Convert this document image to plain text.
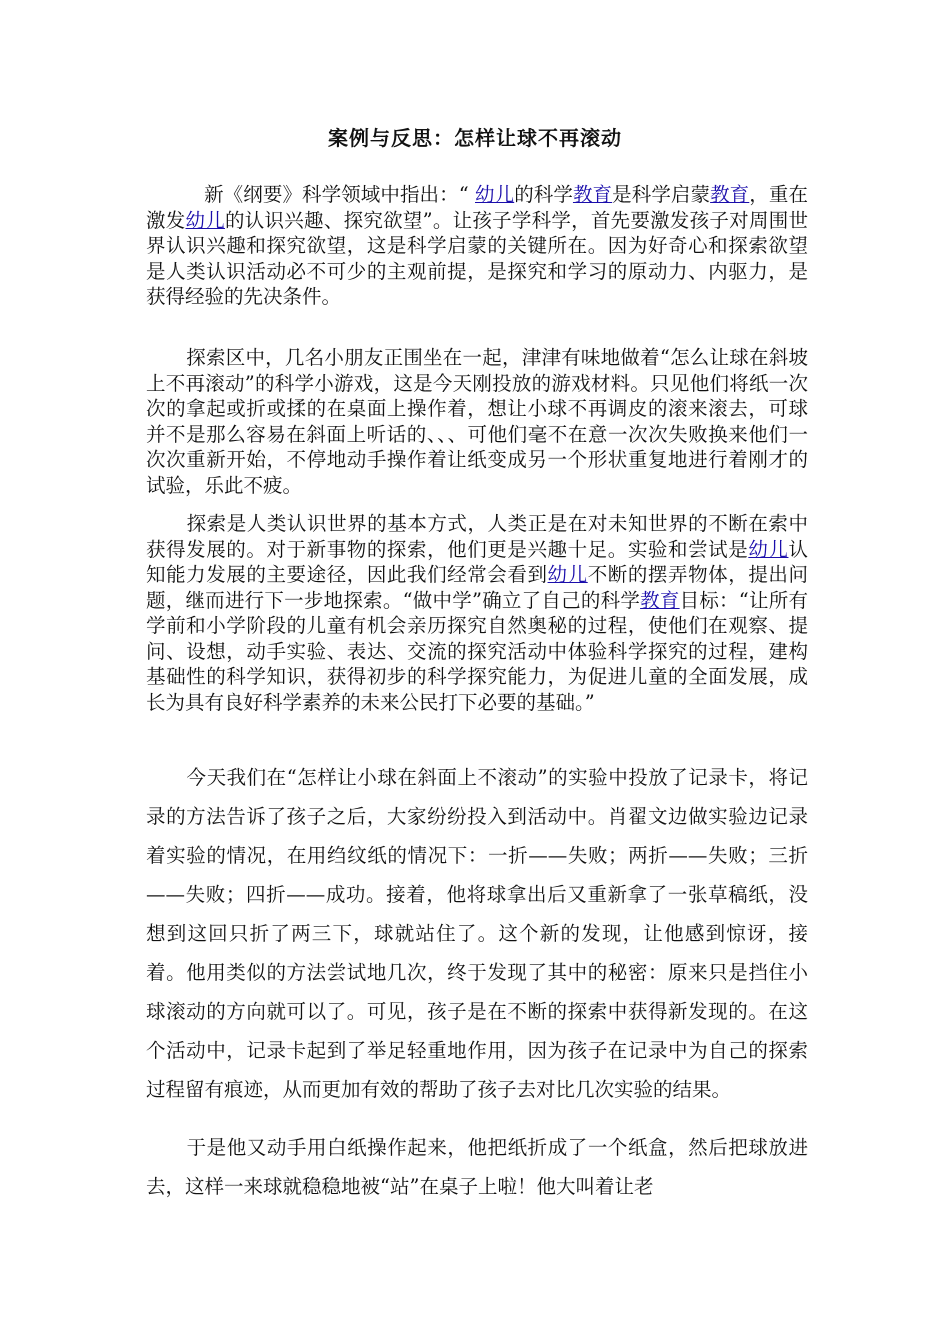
案例与反思：怎样让球不再滚动

新《纲要》科学领域中指出：“ 幼儿的科学教育是科学启蒙教育，重在激发幼儿的认识兴趣、探究欲望”。让孩子学科学，首先要激发孩子对周围世界认识兴趣和探究欲望，这是科学启蒙的关键所在。因为好奇心和探索欲望是人类认识活动必不可少的主观前提，是探究和学习的原动力、内驱力，是获得经验的先决条件。

探索区中，几名小朋友正围坐在一起，津津有味地做着“怎么让球在斜坡上不再滚动”的科学小游戏，这是今天刚投放的游戏材料。只见他们将纸一次次的拿起或折或揉的在桌面上操作着，想让小球不再调皮的滚来滚去，可球并不是那么容易在斜面上听话的、、、可他们毫不在意一次次失败换来他们一次次重新开始，不停地动手操作着让纸变成另一个形状重复地进行着刚才的试验，乐此不疲。

探索是人类认识世界的基本方式，人类正是在对未知世界的不断在索中获得发展的。对于新事物的探索，他们更是兴趣十足。实验和尝试是幼儿认知能力发展的主要途径，因此我们经常会看到幼儿不断的摆弄物体，提出问题，继而进行下一步地探索。“做中学”确立了自己的科学教育目标：“让所有学前和小学阶段的儿童有机会亲历探究自然奥秘的过程，使他们在观察、提问、设想，动手实验、表达、交流的探究活动中体验科学探究的过程，建构基础性的科学知识，获得初步的科学探究能力，为促进儿童的全面发展，成长为具有良好科学素养的未来公民打下必要的基础。”

今天我们在“怎样让小球在斜面上不滚动”的实验中投放了记录卡，将记录的方法告诉了孩子之后，大家纷纷投入到活动中。肖翟文边做实验边记录着实验的情况，在用绉纹纸的情况下：一折——失败；两折——失败；三折——失败；四折——成功。接着，他将球拿出后又重新拿了一张草稿纸，没想到这回只折了两三下，球就站住了。这个新的发现，让他感到惊讶，接着。他用类似的方法尝试地几次，终于发现了其中的秘密：原来只是挡住小球滚动的方向就可以了。可见，孩子是在不断的探索中获得新发现的。在这个活动中，记录卡起到了举足轻重地作用，因为孩子在记录中为自己的探索过程留有痕迹，从而更加有效的帮助了孩子去对比几次实验的结果。

于是他又动手用白纸操作起来，他把纸折成了一个纸盒，然后把球放进去，这样一来球就稳稳地被“站”在桌子上啦！他大叫着让老
